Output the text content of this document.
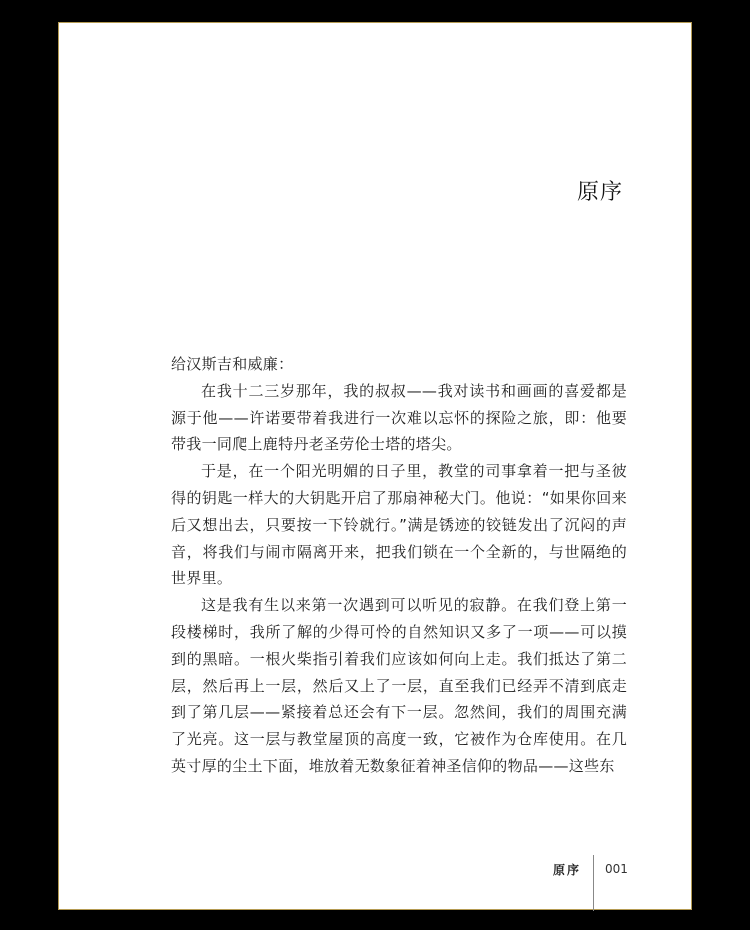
原序

给汉斯吉和威廉：

在我十二三岁那年，我的叔叔——我对读书和画画的喜爱都是源于他——许诺要带着我进行一次难以忘怀的探险之旅，即：他要带我一同爬上鹿特丹老圣劳伦士塔的塔尖。

于是，在一个阳光明媚的日子里，教堂的司事拿着一把与圣彼得的钥匙一样大的大钥匙开启了那扇神秘大门。他说：“如果你回来后又想出去，只要按一下铃就行。”满是锈迹的铰链发出了沉闷的声音，将我们与闹市隔离开来，把我们锁在一个全新的，与世隔绝的世界里。

这是我有生以来第一次遇到可以听见的寂静。在我们登上第一段楼梯时，我所了解的少得可怜的自然知识又多了一项——可以摸到的黑暗。一根火柴指引着我们应该如何向上走。我们抵达了第二层，然后再上一层，然后又上了一层，直至我们已经弄不清到底走到了第几层——紧接着总还会有下一层。忽然间，我们的周围充满了光亮。这一层与教堂屋顶的高度一致，它被作为仓库使用。在几英寸厚的尘土下面，堆放着无数象征着神圣信仰的物品——这些东

原序 001
